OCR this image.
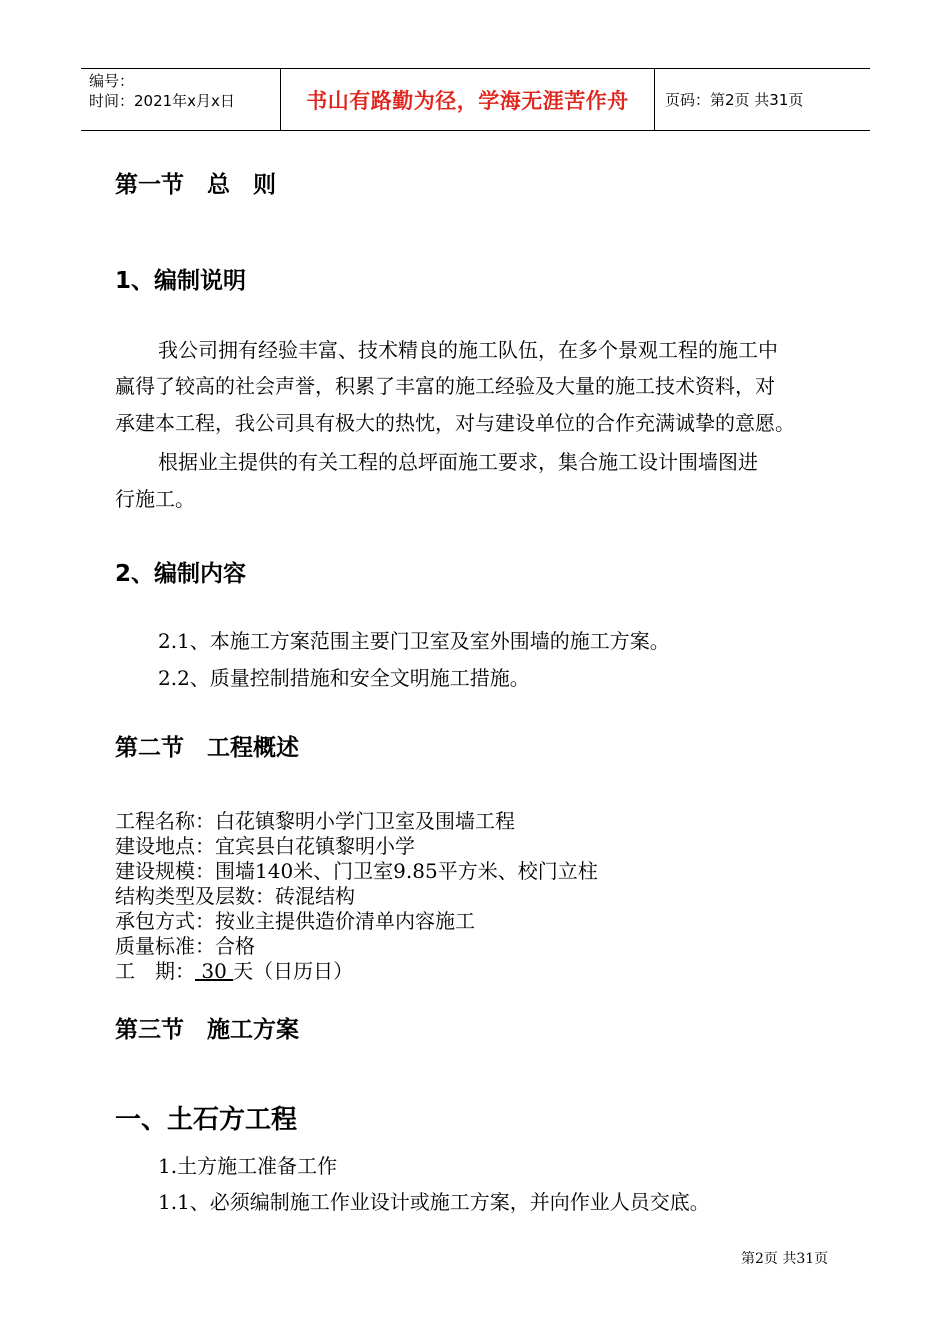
编号：
时间：2021年x月x日	书山有路勤为径，学海无涯苦作舟	页码：第2页 共31页
第一节　总　则
1、编制说明
我公司拥有经验丰富、技术精良的施工队伍，在多个景观工程的施工中
赢得了较高的社会声誉，积累了丰富的施工经验及大量的施工技术资料，对
承建本工程，我公司具有极大的热忱，对与建设单位的合作充满诚挚的意愿。
根据业主提供的有关工程的总坪面施工要求，集合施工设计围墙图进
行施工。
2、编制内容
2.1、本施工方案范围主要门卫室及室外围墙的施工方案。
2.2、质量控制措施和安全文明施工措施。
第二节　工程概述
工程名称：白花镇黎明小学门卫室及围墙工程
建设地点：宜宾县白花镇黎明小学
建设规模：围墙140米、门卫室9.85平方米、校门立柱
结构类型及层数：砖混结构
承包方式：按业主提供造价清单内容施工
质量标准：合格
工　期： 30 天（日历日）
第三节　施工方案
一、土石方工程
1.土方施工准备工作
1.1、必须编制施工作业设计或施工方案，并向作业人员交底。
第2页 共31页
